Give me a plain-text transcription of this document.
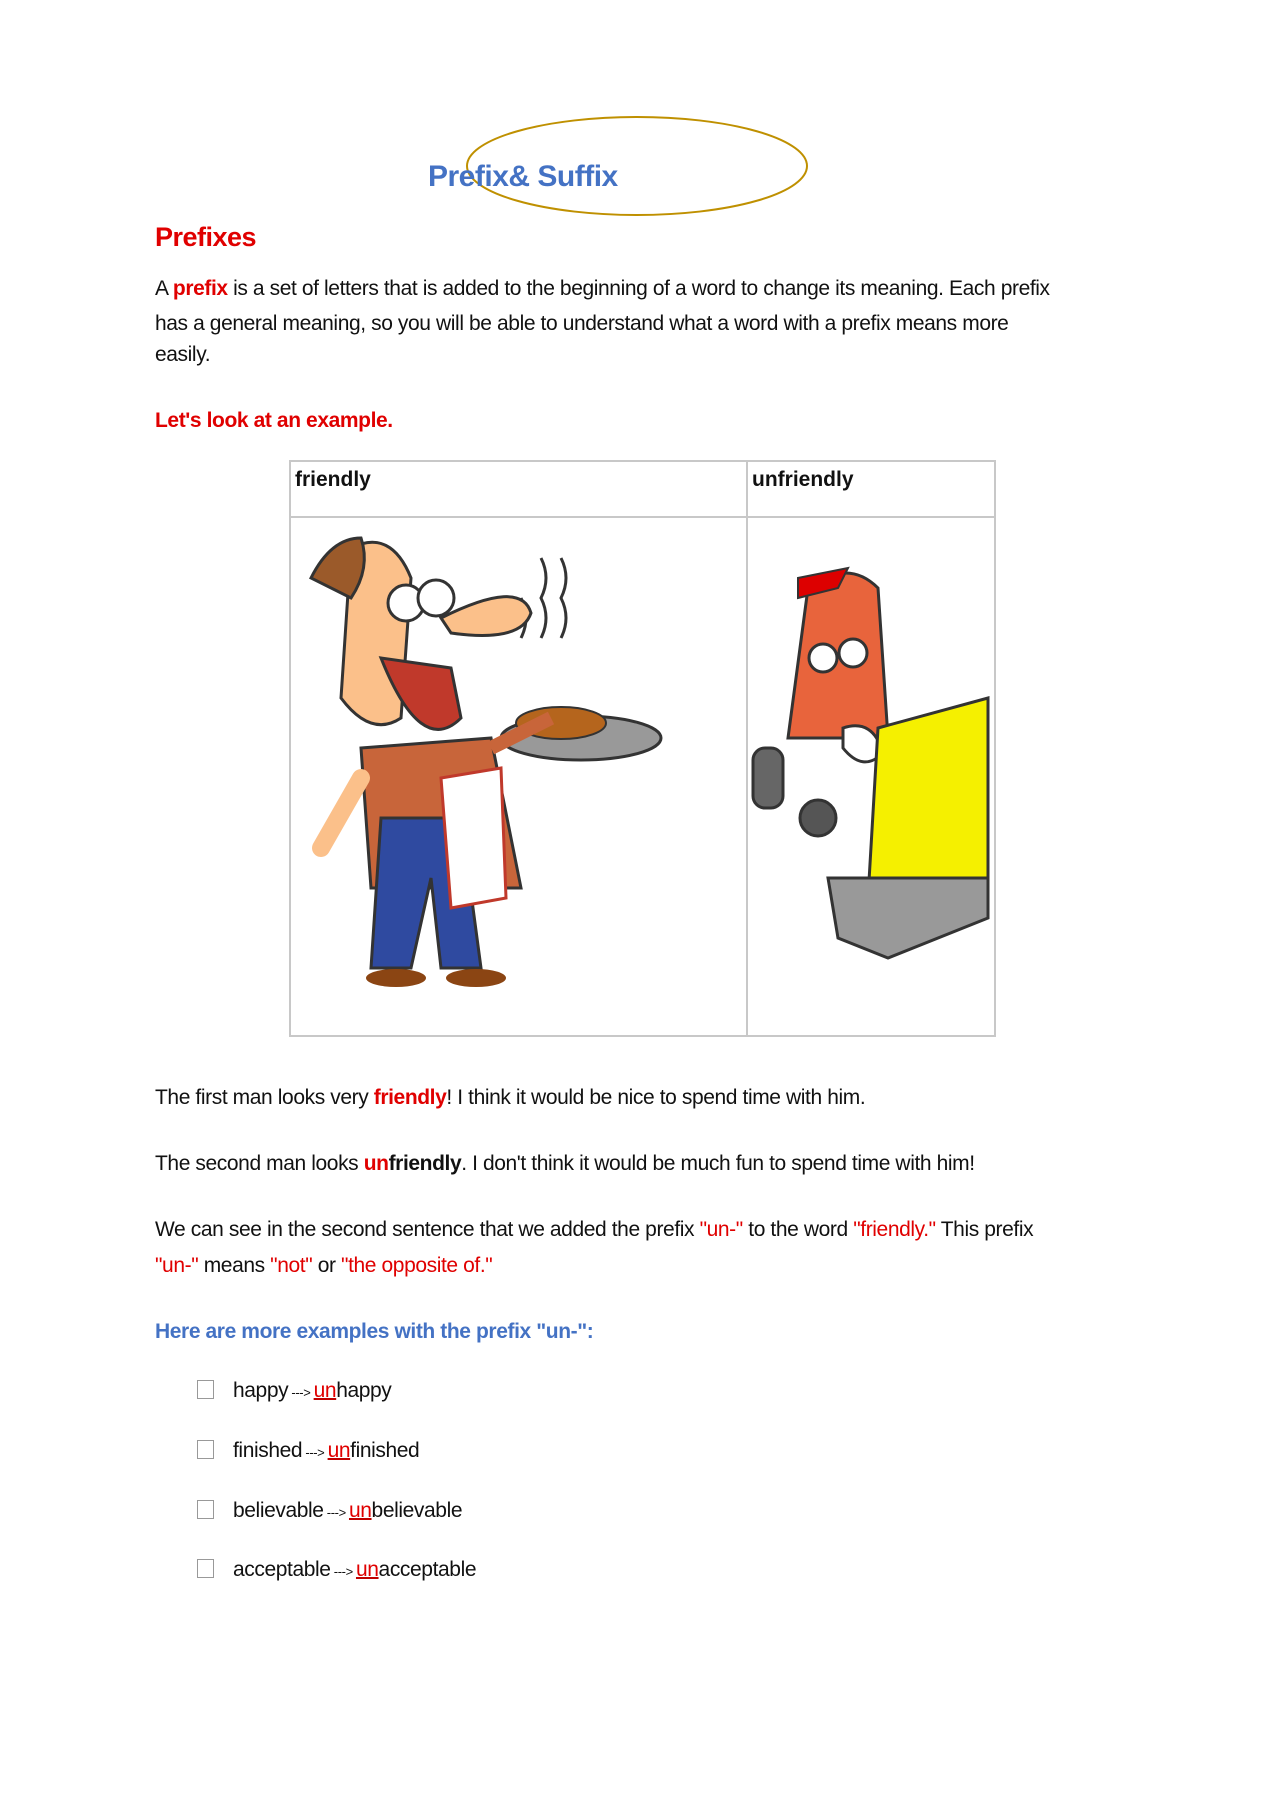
Prefix& Suffix
Prefixes
A prefix is a set of letters that is added to the beginning of a word to change its meaning. Each prefix
has a general meaning, so you will be able to understand what a word with a prefix means more
easily.
Let's look at an example.
friendly	unfriendly

The first man looks very friendly! I think it would be nice to spend time with him.
The second man looks unfriendly. I don't think it would be much fun to spend time with him!
We can see in the second sentence that we added the prefix "un-" to the word "friendly." This prefix
"un-" means "not" or "the opposite of."
Here are more examples with the prefix "un-":
happy ---> unhappy
finished ---> unfinished
believable ---> unbelievable
acceptable ---> unacceptable
